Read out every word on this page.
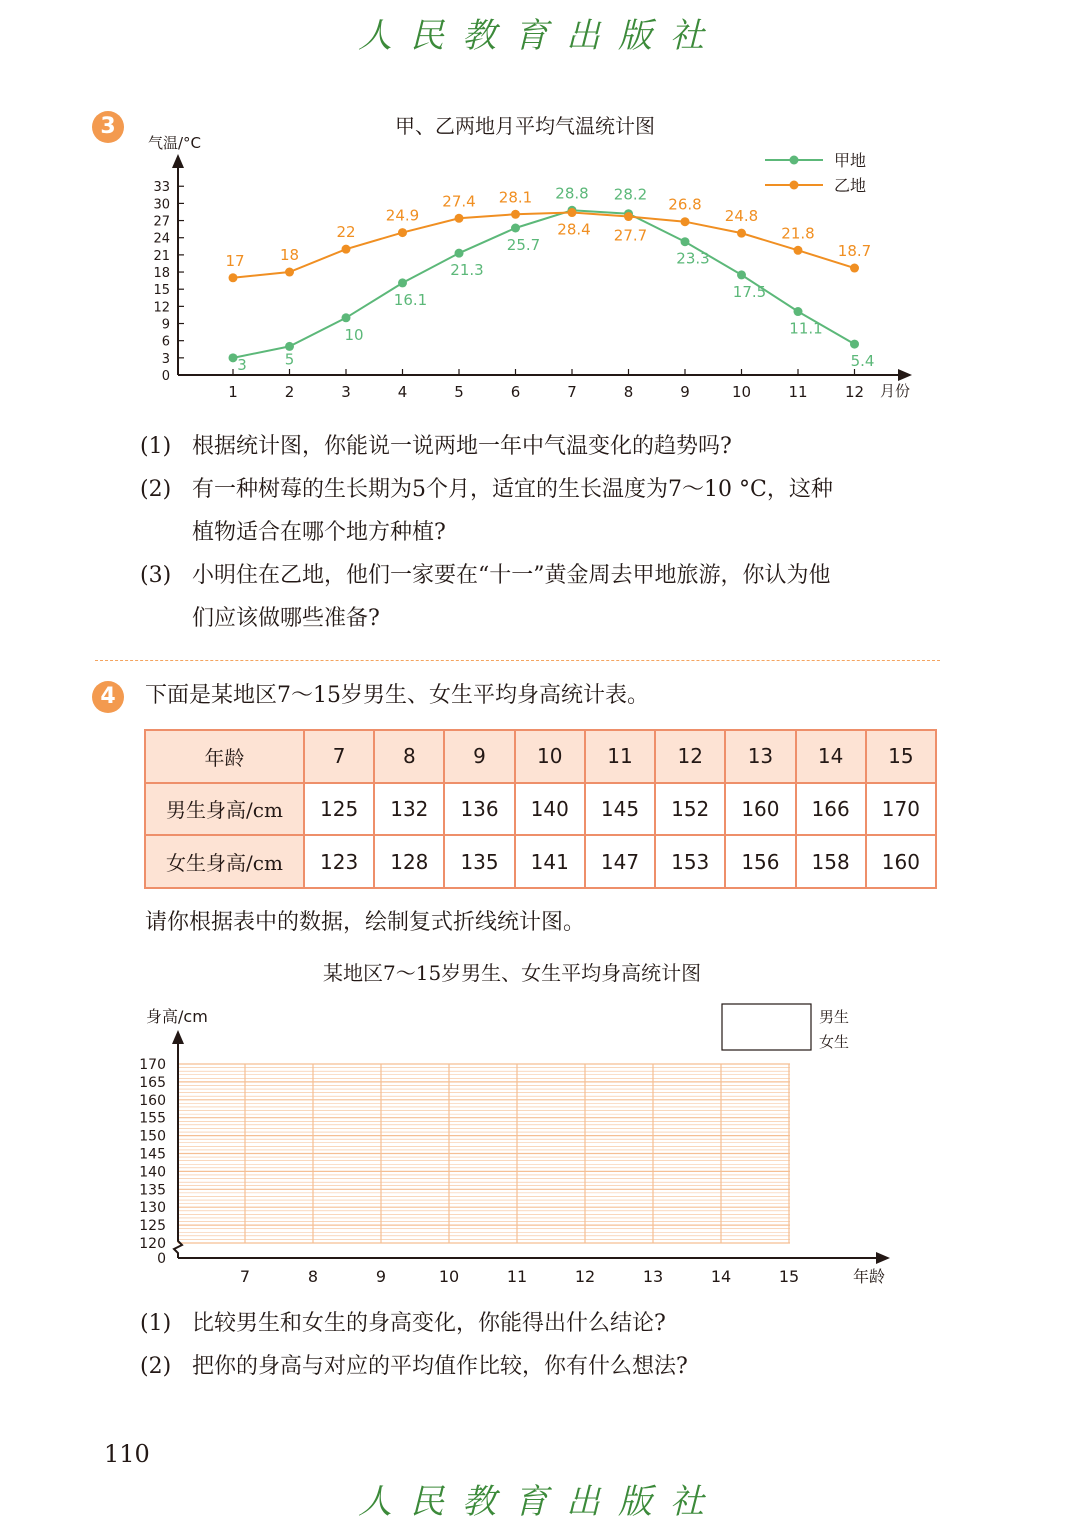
人民教育出版社
3	甲、乙两地月平均气温统计图
气温/°C
月份
0
3
6
9
12
15
18
21
24
27
30
33
1	2	3	4	5	6	7	8	9	10 11 12
3
17
5
18
10
22
16.1
24.9
21.3
27.4
25.7
28.1 28.8
28.4
28.2
27.7
23.3
26.8
17.5
24.8
11.1
21.8
5.4
18.7
甲地
乙地
(1) 根据统计图，你能说一说两地一年中气温变化的趋势吗?
(2) 有一种树莓的生长期为5个月，适宜的生长温度为7～10 °C，这种
植物适合在哪个地方种植?
(3) 小明住在乙地，他们一家要在“十一”黄金周去甲地旅游，你认为他
们应该做哪些准备?
4	下面是某地区7～15岁男生、女生平均身高统计表。
年龄	7	8	9	10	11	12	13	14	15
男生身高/cm	125	132	136	140	145	152	160	166	170
女生身高/cm	123	128	135	141	147	153	156	158	160
请你根据表中的数据，绘制复式折线统计图。
某地区7～15岁男生、女生平均身高统计图
身高/cm
年龄
0
120
125
130
135
140
145
150
155
160
165
170
7	8	9	10	11	12	13	14	15
男生
女生
(1) 比较男生和女生的身高变化，你能得出什么结论?
(2) 把你的身高与对应的平均值作比较，你有什么想法?
110
人民教育出版社
